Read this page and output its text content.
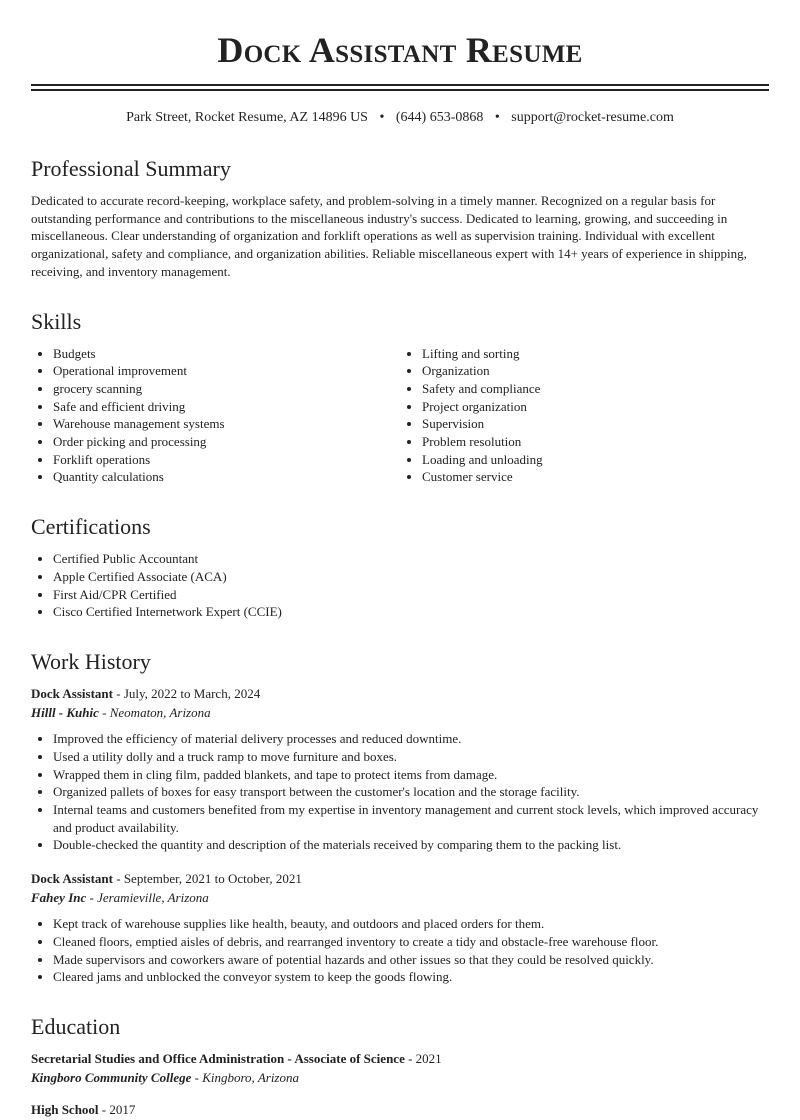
Dock Assistant Resume
Park Street, Rocket Resume, AZ 14896 US • (644) 653-0868 • support@rocket-resume.com
Professional Summary

Dedicated to accurate record-keeping, workplace safety, and problem-solving in a timely manner. Recognized on a regular basis for outstanding performance and contributions to the miscellaneous industry's success. Dedicated to learning, growing, and succeeding in miscellaneous. Clear understanding of organization and forklift operations as well as supervision training. Individual with excellent organizational, safety and compliance, and organization abilities. Reliable miscellaneous expert with 14+ years of experience in shipping, receiving, and inventory management.

Skills
• Budgets
• Operational improvement
• grocery scanning
• Safe and efficient driving
• Warehouse management systems
• Order picking and processing
• Forklift operations
• Quantity calculations
• Lifting and sorting
• Organization
• Safety and compliance
• Project organization
• Supervision
• Problem resolution
• Loading and unloading
• Customer service
Certifications
• Certified Public Accountant
• Apple Certified Associate (ACA)
• First Aid/CPR Certified
• Cisco Certified Internetwork Expert (CCIE)
Work History
Dock Assistant - July, 2022 to March, 2024
Hilll - Kuhic - Neomaton, Arizona
• Improved the efficiency of material delivery processes and reduced downtime.
• Used a utility dolly and a truck ramp to move furniture and boxes.
• Wrapped them in cling film, padded blankets, and tape to protect items from damage.
• Organized pallets of boxes for easy transport between the customer's location and the storage facility.
• Internal teams and customers benefited from my expertise in inventory management and current stock levels, which improved accuracy and product availability.
• Double-checked the quantity and description of the materials received by comparing them to the packing list.
Dock Assistant - September, 2021 to October, 2021
Fahey Inc - Jeramieville, Arizona
• Kept track of warehouse supplies like health, beauty, and outdoors and placed orders for them.
• Cleaned floors, emptied aisles of debris, and rearranged inventory to create a tidy and obstacle-free warehouse floor.
• Made supervisors and coworkers aware of potential hazards and other issues so that they could be resolved quickly.
• Cleared jams and unblocked the conveyor system to keep the goods flowing.
Education
Secretarial Studies and Office Administration - Associate of Science - 2021
Kingboro Community College - Kingboro, Arizona
High School - 2017
